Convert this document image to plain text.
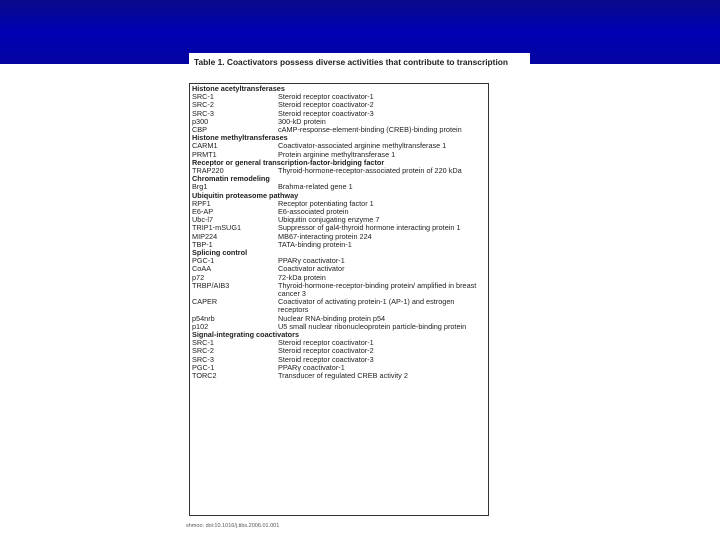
Table 1. Coactivators possess diverse activities that contribute to transcription
Histone acetyltransferases
SRC-1	Steroid receptor coactivator-1
SRC-2	Steroid receptor coactivator-2
SRC-3	Steroid receptor coactivator-3
p300	300-kD protein
CBP	cAMP-response-element-binding (CREB)-binding protein
Histone methyltransferases
CARM1	Coactivator-associated arginine methyltransferase 1
PRMT1	Protein arginine methyltransferase 1
Receptor or general transcription-factor-bridging factor
TRAP220	Thyroid-hormone-receptor-associated protein of 220 kDa
Chromatin remodeling
Brg1	Brahma-related gene 1
Ubiquitin proteasome pathway
RPF1	Receptor potentiating factor 1
E6-AP	E6-associated protein
Ubc-l7	Ubiquitin conjugating enzyme 7
TRIP1-mSUG1	Suppressor of gal4-thyroid hormone interacting protein 1
MIP224	MB67-interacting protein 224
TBP-1	TATA-binding protein-1
Splicing control
PGC-1	PPARγ coactivator-1
CoAA	Coactivator activator
p72	72-kDa protein
TRBP/AIB3	Thyroid-hormone-receptor-binding protein/ amplified in breast cancer 3
CAPER	Coactivator of activating protein-1 (AP-1) and estrogen receptors
p54nrb	Nuclear RNA-binding protein p54
p102	U5 small nuclear ribonucleoprotein particle-binding protein
Signal-integrating coactivators
SRC-1	Steroid receptor coactivator-1
SRC-2	Steroid receptor coactivator-2
SRC-3	Steroid receptor coactivator-3
PGC-1	PPARγ coactivator-1
TORC2	Transducer of regulated CREB activity 2
shmoo: doi:10.1016/j.tibs.2006.01.001
